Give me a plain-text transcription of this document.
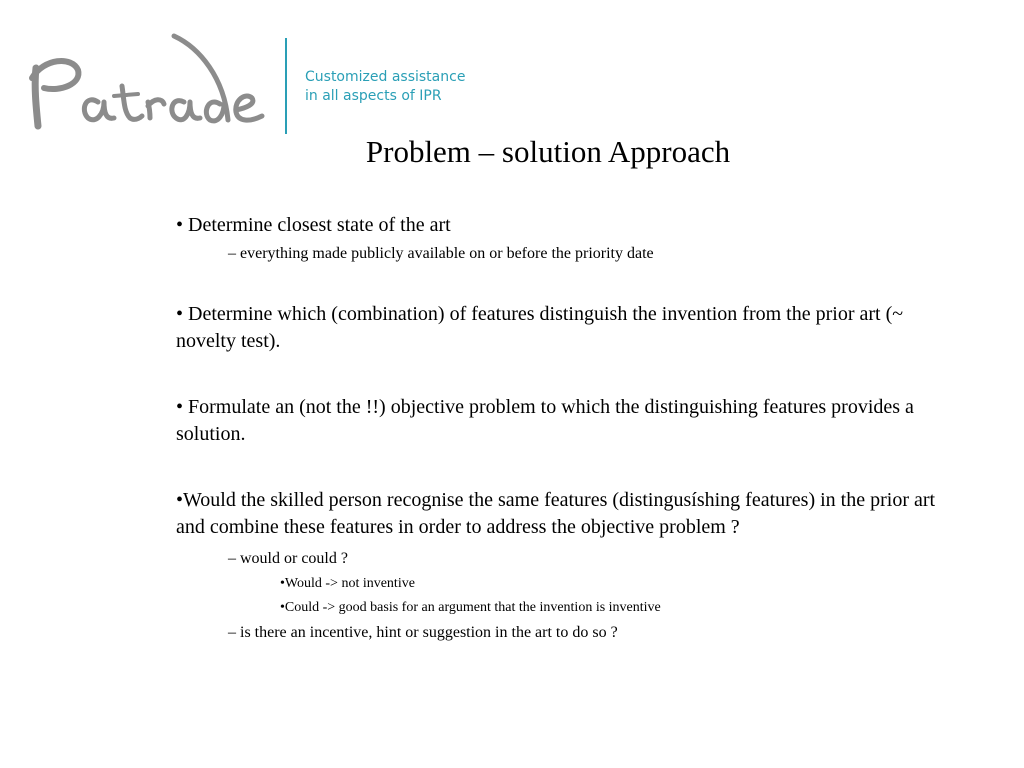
Customized assistance
in all aspects of IPR
Problem – solution Approach

• Determine closest state of the art

– everything made publicly available on or before the priority date

• Determine which (combination) of features distinguish the invention from the prior art (~ novelty test).

• Formulate an (not the !!) objective problem to which the distinguishing features provides a solution.

•Would the skilled person recognise the same features (distingusíshing features) in the prior art and combine these features in order to address the objective problem ?

– would or could ?

•Would -> not inventive

•Could -> good basis for an argument that the invention is inventive

– is there an incentive, hint or suggestion in the art to do so ?
